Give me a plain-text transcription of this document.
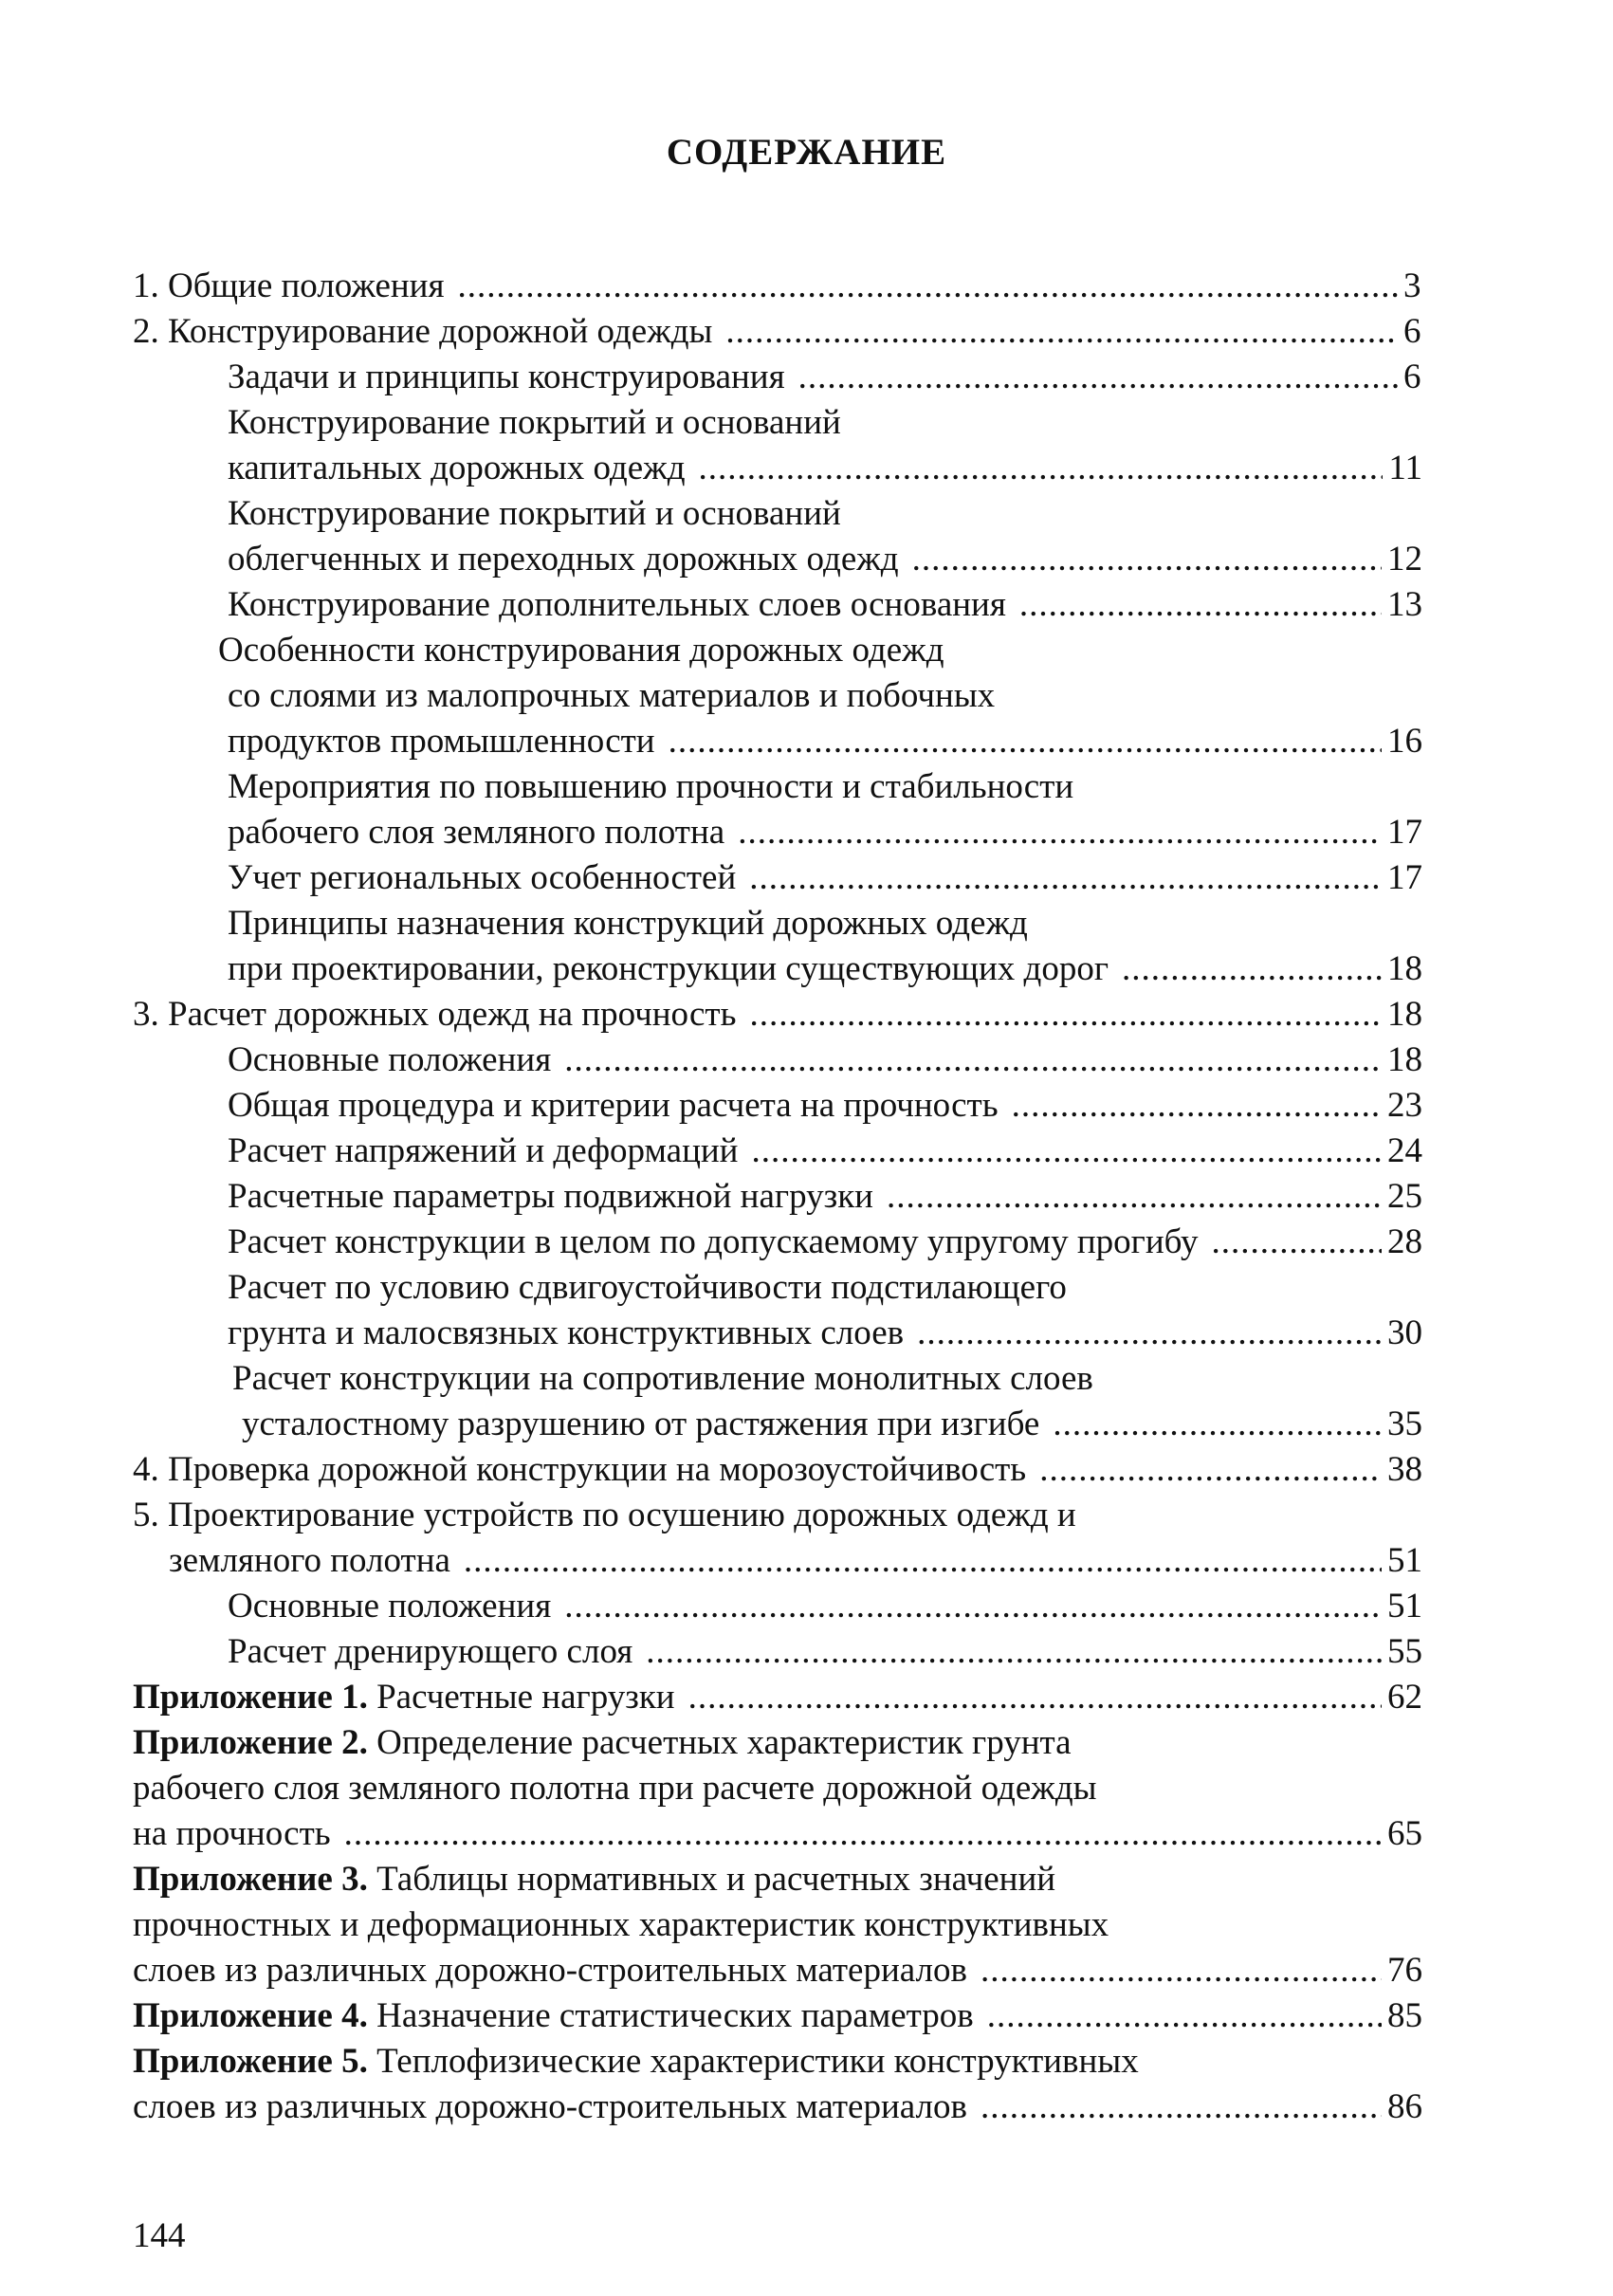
СОДЕРЖАНИЕ
1. Общие положения .....	3
2. Конструирование дорожной одежды .....	6
Задачи и принципы конструирования .....	6
Конструирование покрытий и оснований
капитальных дорожных одежд .....	11
Конструирование покрытий и оснований
облегченных и переходных дорожных одежд .....	12
Конструирование дополнительных слоев основания .....	13
Особенности конструирования дорожных одежд
со слоями из малопрочных материалов и побочных
продуктов промышленности .....	16
Мероприятия по повышению прочности и стабильности
рабочего слоя земляного полотна .....	17
Учет региональных особенностей .....	17
Принципы назначения конструкций дорожных одежд
при проектировании, реконструкции существующих дорог .....	18
3. Расчет дорожных одежд на прочность .....	18
Основные положения .....	18
Общая процедура и критерии расчета на прочность .....	23
Расчет напряжений и деформаций .....	24
Расчетные параметры подвижной нагрузки .....	25
Расчет конструкции в целом по допускаемому упругому прогибу .....	28
Расчет по условию сдвигоустойчивости подстилающего
грунта и малосвязных конструктивных слоев .....	30
Расчет конструкции на сопротивление монолитных слоев
усталостному разрушению от растяжения при изгибе .....	35
4. Проверка дорожной конструкции на морозоустойчивость .....	38
5. Проектирование устройств по осушению дорожных одежд и
земляного полотна .....	51
Основные положения .....	51
Расчет дренирующего слоя .....	55
Приложение 1. Расчетные нагрузки .....	62
Приложение 2. Определение расчетных характеристик грунта
рабочего слоя земляного полотна при расчете дорожной одежды
на прочность .....	65
Приложение 3. Таблицы нормативных и расчетных значений
прочностных и деформационных характеристик конструктивных
слоев из различных дорожно-строительных материалов .....	76
Приложение 4. Назначение статистических параметров .....	85
Приложение 5. Теплофизические характеристики конструктивных
слоев из различных дорожно-строительных материалов .....	86
144
